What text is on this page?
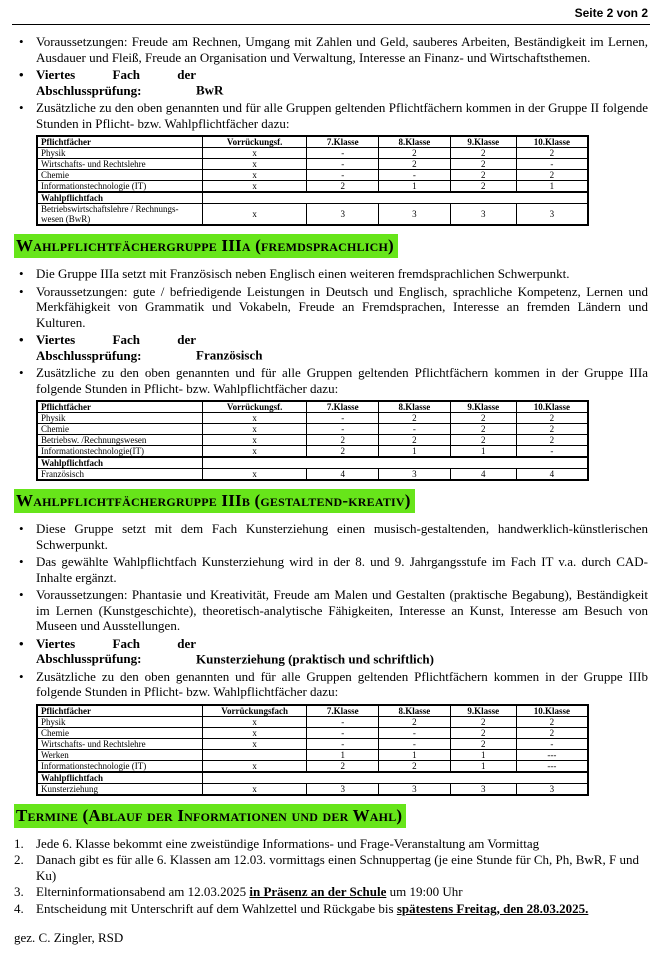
Seite 2 von 2
• Voraussetzungen: Freude am Rechnen, Umgang mit Zahlen und Geld, sauberes Arbeiten, Beständigkeit im Lernen, Ausdauer und Fleiß, Freude an Organisation und Verwaltung, Interesse an Finanz- und Wirtschaftsthemen.
• Viertes Fach der Abschlussprüfung:	BwR
• Zusätzliche zu den oben genannten und für alle Gruppen geltenden Pflichtfächern kommen in der Gruppe II folgende Stunden in Pflicht- bzw. Wahlpflichtfächer dazu:
Pflichtfächer	Vorrückungsf.	7.Klasse	8.Klasse	9.Klasse	10.Klasse
Physik	x	-	2	2	2
Wirtschafts- und Rechtslehre	x	-	2	2	-
Chemie	x	-	-	2	2
Informationstechnologie (IT)	x	2	1	2	1
Wahlpflichtfach					
Betriebswirtschaftslehre / Rechnungs-wesen (BwR)	x	3	3	3	3
Wahlpflichtfächergruppe IIIa (fremdsprachlich)
• Die Gruppe IIIa setzt mit Französisch neben Englisch einen weiteren fremdsprachlichen Schwerpunkt.
• Voraussetzungen: gute / befriedigende Leistungen in Deutsch und Englisch, sprachliche Kompetenz, Lernen und Merkfähigkeit von Grammatik und Vokabeln, Freude an Fremdsprachen, Interesse an fremden Ländern und Kulturen.
• Viertes Fach der Abschlussprüfung:	Französisch
• Zusätzliche zu den oben genannten und für alle Gruppen geltenden Pflichtfächern kommen in der Gruppe IIIa folgende Stunden in Pflicht- bzw. Wahlpflichtfächer dazu:
Pflichtfächer	Vorrückungsf.	7.Klasse	8.Klasse	9.Klasse	10.Klasse
Physik	x	-	2	2	2
Chemie	x	-	-	2	2
Betriebsw. /Rechnungswesen	x	2	2	2	2
Informationstechnologie(IT)	x	2	1	1	-
Wahlpflichtfach					
Französisch	x	4	3	4	4
Wahlpflichtfächergruppe IIIb (gestaltend-kreativ)
• Diese Gruppe setzt mit dem Fach Kunsterziehung einen musisch-gestaltenden, handwerklich-künstlerischen Schwerpunkt.
• Das gewählte Wahlpflichtfach Kunsterziehung wird in der 8. und 9. Jahrgangsstufe im Fach IT v.a. durch CAD-Inhalte ergänzt.
• Voraussetzungen: Phantasie und Kreativität, Freude am Malen und Gestalten (praktische Begabung), Beständigkeit im Lernen (Kunstgeschichte), theoretisch-analytische Fähigkeiten, Interesse an Kunst, Interesse am Besuch von Museen und Ausstellungen.
• Viertes Fach der Abschlussprüfung:	Kunsterziehung (praktisch und schriftlich)
• Zusätzliche zu den oben genannten und für alle Gruppen geltenden Pflichtfächern kommen in der Gruppe IIIb folgende Stunden in Pflicht- bzw. Wahlpflichtfächer dazu:
Pflichtfächer	Vorrückungsfach	7.Klasse	8.Klasse	9.Klasse	10.Klasse
Physik	x	-	2	2	2
Chemie	x	-	-	2	2
Wirtschafts- und Rechtslehre	x	-	-	2	-
Werken		1	1	1	---
Informationstechnologie (IT)	x	2	2	1	---
Wahlpflichtfach					
Kunsterziehung	x	3	3	3	3
Termine (Ablauf der Informationen und der Wahl)
1. Jede 6. Klasse bekommt eine zweistündige Informations- und Frage-Veranstaltung am Vormittag
2. Danach gibt es für alle 6. Klassen am 12.03. vormittags einen Schnuppertag (je eine Stunde für Ch, Ph, BwR, F und Ku)
3. Elterninformationsabend am 12.03.2025 in Präsenz an der Schule um 19:00 Uhr
4. Entscheidung mit Unterschrift auf dem Wahlzettel und Rückgabe bis spätestens Freitag, den 28.03.2025.
gez. C. Zingler, RSD
